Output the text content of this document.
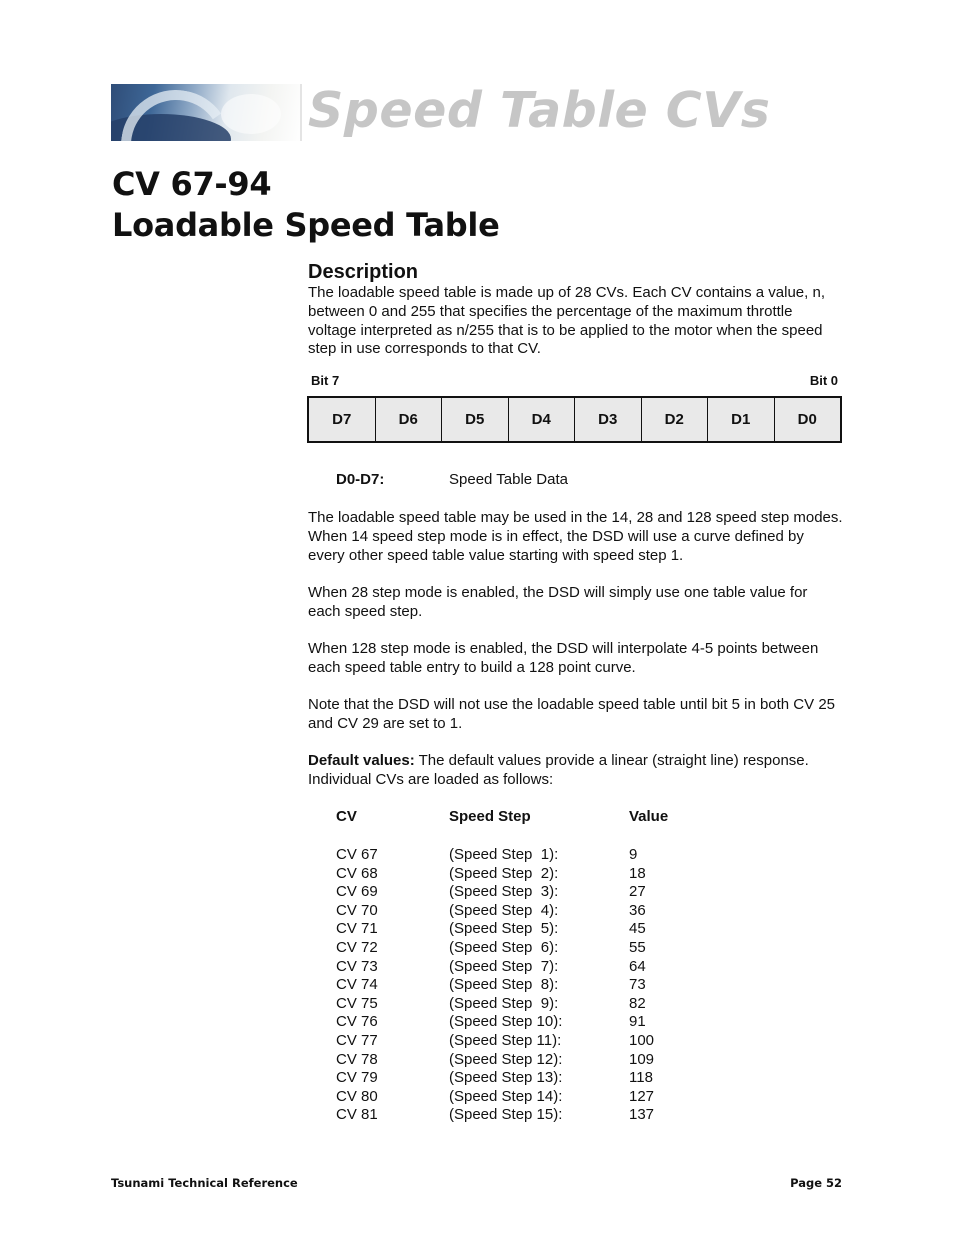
Speed Table CVs
CV 67-94
Loadable Speed Table
Description

The loadable speed table is made up of 28 CVs. Each CV contains a value, n, between 0 and 255 that specifies the percentage of the maximum throttle voltage interpreted as n/255 that is to be applied to the motor when the speed step in use corresponds to that CV.

Bit 7	Bit 0
D7	D6	D5	D4	D3	D2	D1	D0
D0-D7:	Speed Table Data

The loadable speed table may be used in the 14, 28 and 128 speed step modes. When 14 speed step mode is in effect, the DSD will use a curve defined by every other speed table value starting with speed step 1.

When 28 step mode is enabled, the DSD will simply use one table value for each speed step.

When 128 step mode is enabled, the DSD will interpolate 4-5 points between each speed table entry to build a 128 point curve.

Note that the DSD will not use the loadable speed table until bit 5 in both CV 25 and CV 29 are set to 1.

Default values: The default values provide a linear (straight line) response. Individual CVs are loaded as follows:

CV	Speed Step	Value
CV 67	(Speed Step  1):	9
CV 68	(Speed Step  2):	18
CV 69	(Speed Step  3):	27
CV 70	(Speed Step  4):	36
CV 71	(Speed Step  5):	45
CV 72	(Speed Step  6):	55
CV 73	(Speed Step  7):	64
CV 74	(Speed Step  8):	73
CV 75	(Speed Step  9):	82
CV 76	(Speed Step 10):	91
CV 77	(Speed Step 11):	100
CV 78	(Speed Step 12):	109
CV 79	(Speed Step 13):	118
CV 80	(Speed Step 14):	127
CV 81	(Speed Step 15):	137
Tsunami Technical Reference	Page 52
